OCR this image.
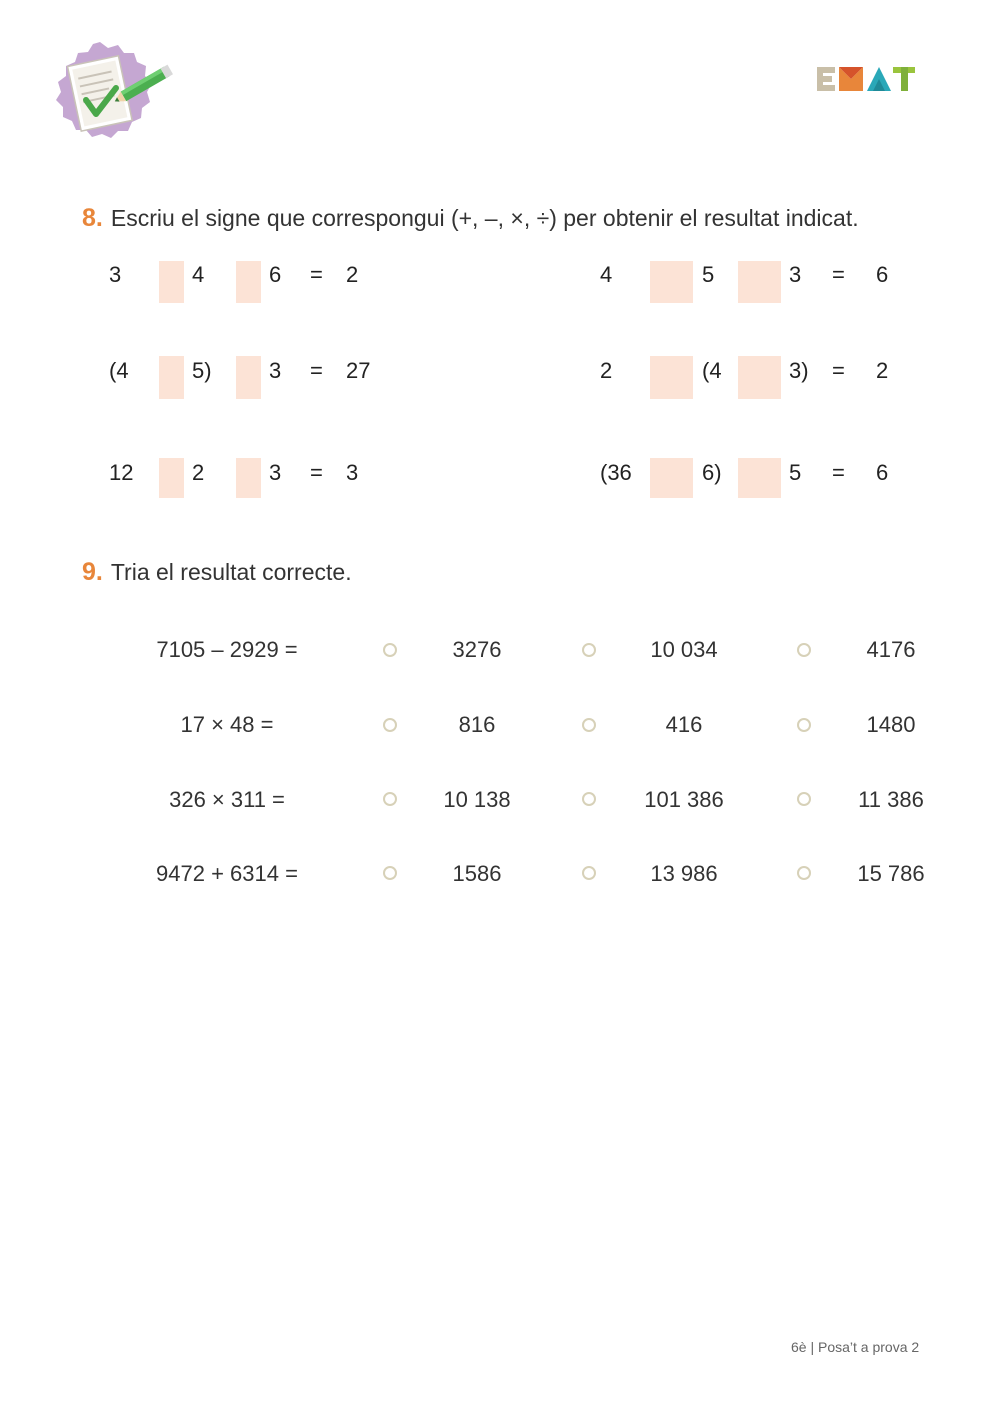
8. Escriu el signe que correspongui (+, –, ×, ÷) per obtenir el resultat indicat.
3	4	6 = 2
(4	5)	3 = 27
12	2	3 = 3
4	5	3 = 6
2	(4	3) = 2
(36	6)	5 = 6
9. Tria el resultat correcte.
7105 – 2929 =	3276	10 034	4176
17 × 48 =	816	416	1480
326 × 311 =	10 138	101 386	11 386
9472 + 6314 =	1586	13 986	15 786
6è | Posa’t a prova 2
